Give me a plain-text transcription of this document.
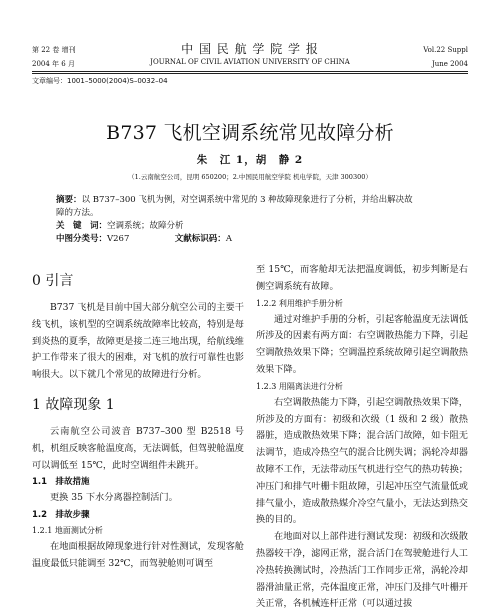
第 22 卷 增刊
2004 年 6 月
中 国 民 航 学 院 学 报
JOURNAL OF CIVIL AVIATION UNIVERSITY OF CHINA
Vol.22 Suppl
June 2004
文章编号：1001–5000(2004)S–0032–04
B737 飞机空调系统常见故障分析
朱　江 1，胡　静 2
（1.云南航空公司，昆明 650200；2.中国民用航空学院 机电学院，天津 300300）
摘要：以 B737–300 飞机为例，对空调系统中常见的 3 种故障现象进行了分析，并给出解决故
障的方法。
关　键　词：空调系统；故障分析
中图分类号：V267	文献标识码：A
0 引言

B737 飞机是目前中国大部分航空公司的主要干线飞机，该机型的空调系统故障率比较高，特别是每到炎热的夏季，故障更是接二连三地出现，给航线维护工作带来了很大的困难，对飞机的放行可靠性也影响很大。以下就几个常见的故障进行分析。

1 故障现象 1

云南航空公司波音 B737–300 型 B2518 号机，机组反映客舱温度高，无法调低，但驾驶舱温度可以调低至 15℃，此时空调组件未跳开。

1.1　排故措施

更换 35 下水分离器控制活门。

1.2　排故步骤
1.2.1 地面测试分析

在地面根据故障现象进行针对性测试，发现客舱温度最低只能调至 32℃，而驾驶舱则可调至

至 15℃，而客舱却无法把温度调低，初步判断是右侧空调系统有故障。

1.2.2 利用维护手册分析

通过对维护手册的分析，引起客舱温度无法调低所涉及的因素有两方面：右空调散热能力下降，引起空调散热效果下降；空调温控系统故障引起空调散热效果下降。

1.2.3 用隔离法进行分析

右空调散热能力下降，引起空调散热效果下降，所涉及的方面有：初级和次级（1 级和 2 级）散热器脏，造成散热效果下降；混合活门故障，如卡阻无法调节，造成冷热空气的混合比例失调；涡轮冷却器故障不工作，无法带动压气机进行空气的热功转换；冲压门和排气叶栅卡阻故障，引起冲压空气流量低或排气量小，造成散热媒介冷空气量小，无法达到热交换的目的。

在地面对以上部件进行测试发现：初级和次级散热器较干净，滤网正常，混合活门在驾驶舱进行人工冷热转换测试时，冷热活门工作同步正常，涡轮冷却器滑油量正常，壳体温度正常，冲压门及排气叶栅开关正常，各机械连杆正常（可以通过拔
